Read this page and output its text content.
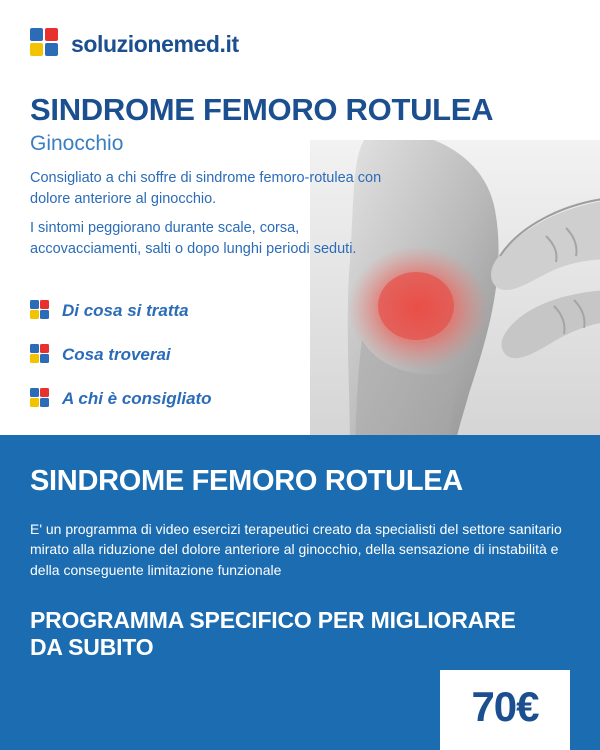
soluzionemed.it
SINDROME FEMORO ROTULEA
Ginocchio

Consigliato a chi soffre di sindrome femoro-rotulea con dolore anteriore al ginocchio.

I sintomi peggiorano durante scale, corsa, accovacciamenti, salti o dopo lunghi periodi seduti.

Di cosa si tratta
Cosa troverai
A chi è consigliato
SINDROME FEMORO ROTULEA
E' un programma di video esercizi terapeutici creato da specialisti del settore sanitario mirato alla riduzione del dolore anteriore al ginocchio, della sensazione di instabilità e della conseguente limitazione funzionale
PROGRAMMA SPECIFICO PER MIGLIORARE DA SUBITO
70€
